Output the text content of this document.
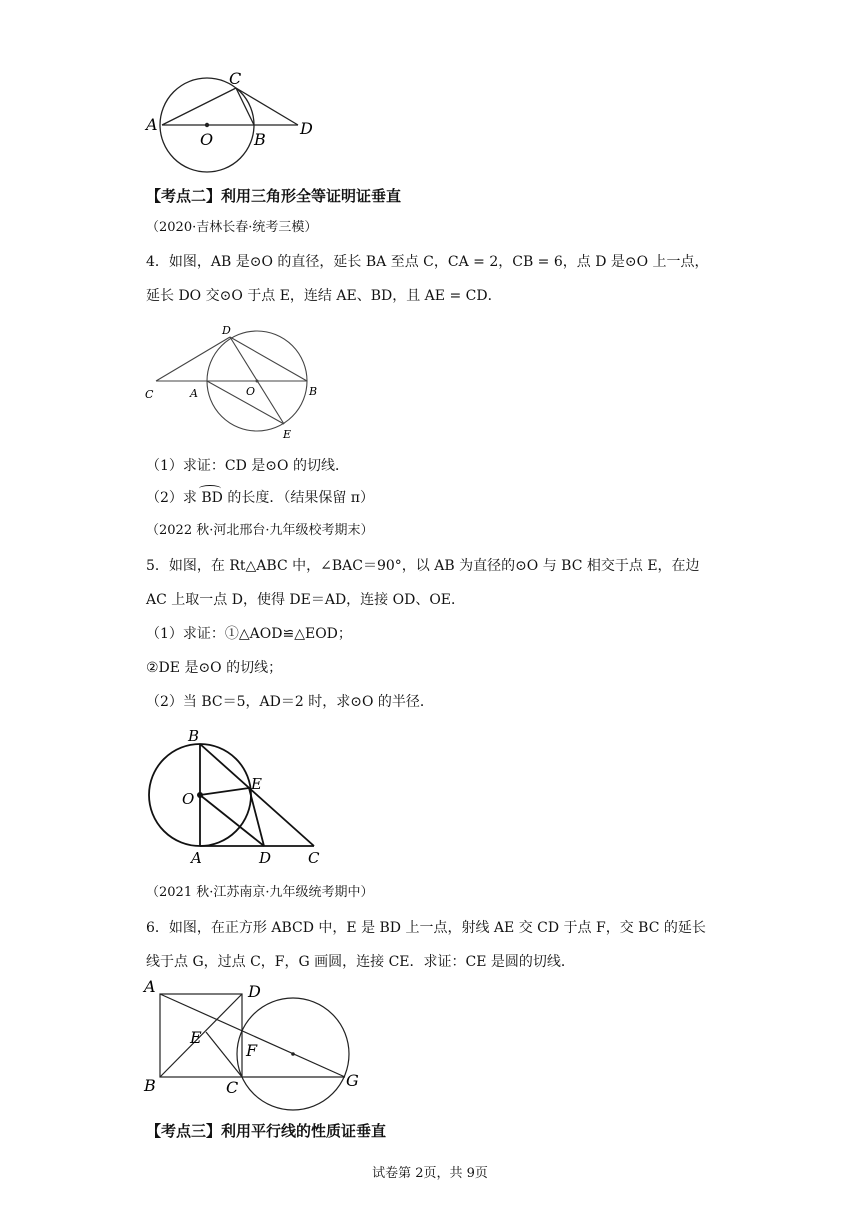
A
O	B
C
D
【考点二】利用三角形全等证明证垂直
（2020·吉林长春·统考三模）
4．如图，AB 是⊙O 的直径，延长 BA 至点 C，CA = 2，CB = 6，点 D 是⊙O 上一点，
延长 DO 交⊙O 于点 E，连结 AE、BD，且 AE = CD．
C	A	O	B
D
E
（1）求证：CD 是⊙O 的切线．
（2）求 BD 的长度．（结果保留 π）
（2022 秋·河北邢台·九年级校考期末）
5．如图，在 Rt△ABC 中，∠BAC＝90°，以 AB 为直径的⊙O 与 BC 相交于点 E，在边
AC 上取一点 D，使得 DE＝AD，连接 OD、OE．
（1）求证：①△AOD≌△EOD；
②DE 是⊙O 的切线；
（2）当 BC＝5，AD＝2 时，求⊙O 的半径．
B
O
E
A	D C
（2021 秋·江苏南京·九年级统考期中）
6．如图，在正方形 ABCD 中，E 是 BD 上一点，射线 AE 交 CD 于点 F，交 BC 的延长
线于点 G，过点 C，F，G 画圆，连接 CE．求证：CE 是圆的切线．
A	D
E
F
B	C	G
【考点三】利用平行线的性质证垂直
试卷第 2页，共 9页
